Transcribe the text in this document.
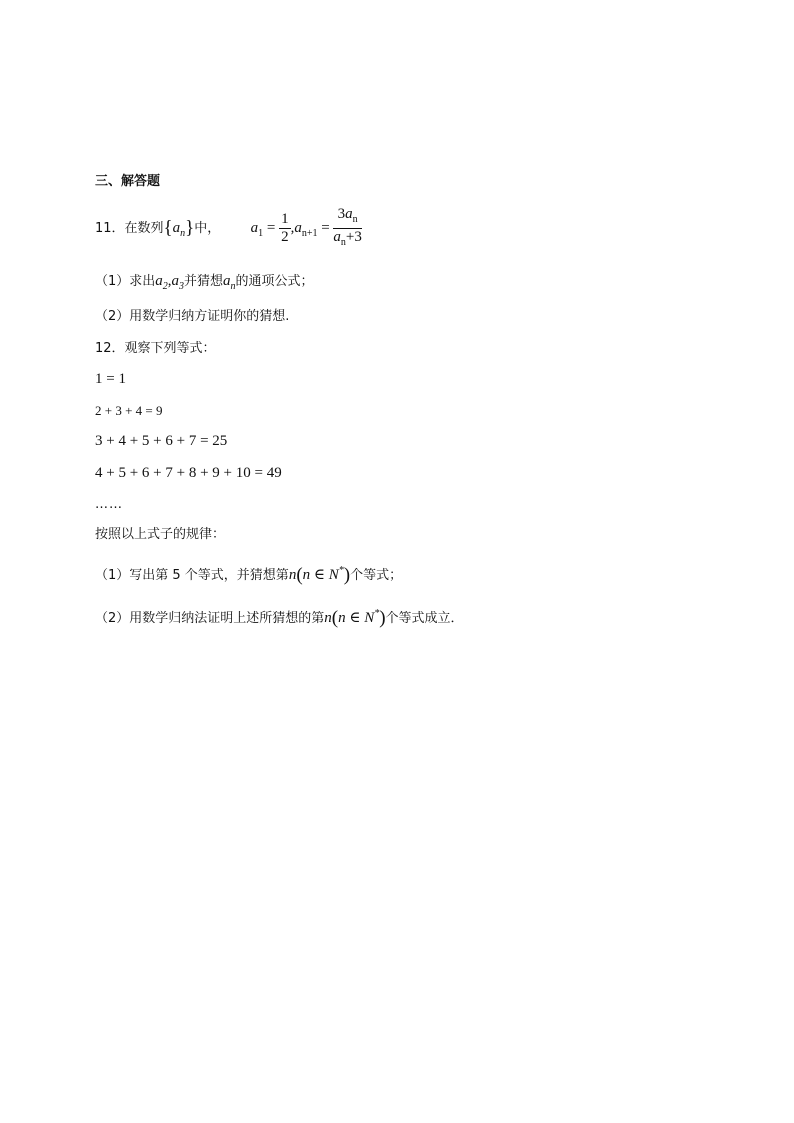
三、解答题
11．在数列$\{a_n\}$中， $a_1 = \frac{1}{2} ,a_{n+1} = \frac{3a_n}{a_n+3}$
（1）求出$a_2,a_3$并猜想$a_n$的通项公式；
（2）用数学归纳方证明你的猜想.
12．观察下列等式：
1 = 1
2 + 3 + 4 = 9
3 + 4 + 5 + 6 + 7 = 25
4 + 5 + 6 + 7 + 8 + 9 + 10 = 49
……
按照以上式子的规律：
（1）写出第 5 个等式，并猜想第n(n ∈ N*)个等式；
（2）用数学归纳法证明上述所猜想的第n(n ∈ N*)个等式成立．
